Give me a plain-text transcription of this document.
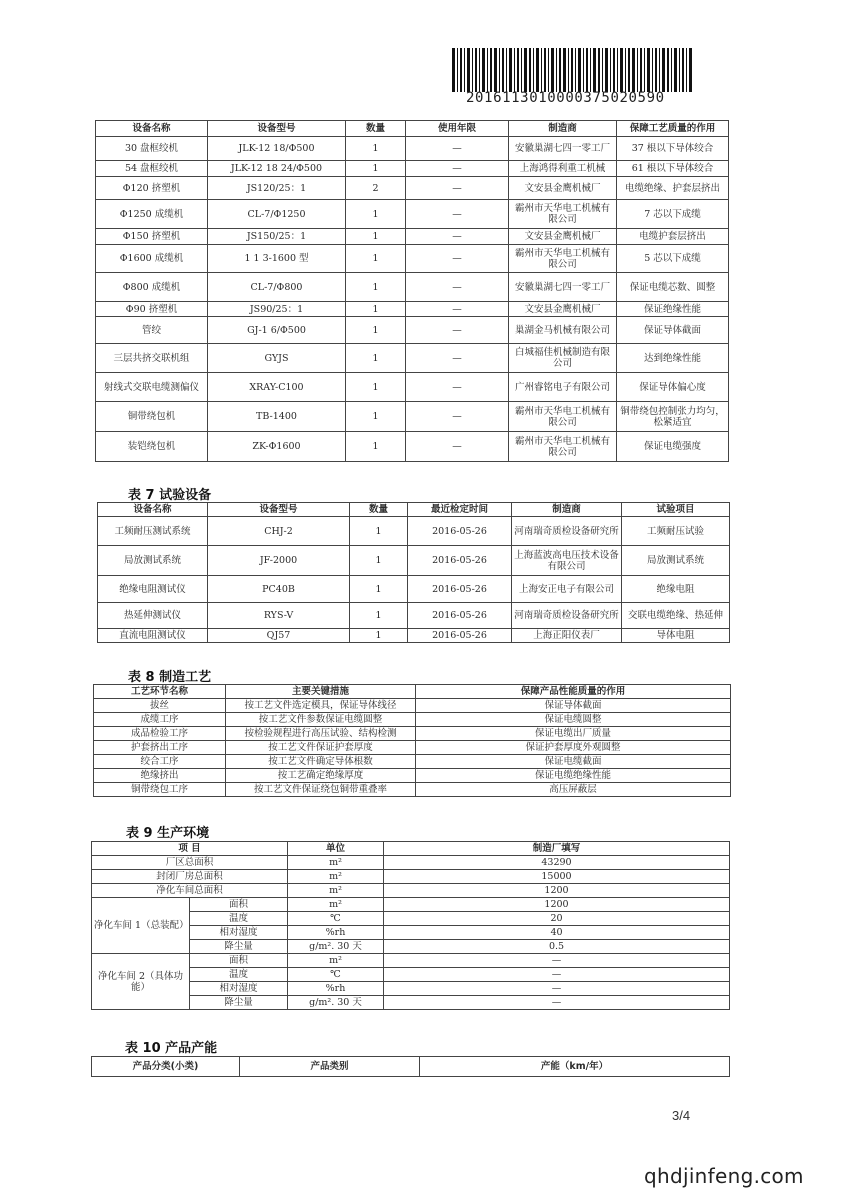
20161130100003750205​90
设备名称	设备型号	数量	使用年限	制造商	保障工艺质量的作用
30 盘框绞机	JLK-12 18/Φ500	1	—	安徽巢湖七四一零工厂	37 根以下导体绞合
54 盘框绞机	JLK-12 18 24/Φ500	1	—	上海鸿得利重工机械	61 根以下导体绞合
Φ120 挤塑机	JS120/25：1	2	—	文安县金鹰机械厂	电缆绝缘、护套层挤出
Φ1250 成缆机	CL-7/Φ1250	1	—	霸州市天华电工机械有限公司	7 芯以下成缆
Φ150 挤塑机	JS150/25：1	1	—	文安县金鹰机械厂	电缆护套层挤出
Φ1600 成缆机	1 1 3-1600 型	1	—	霸州市天华电工机械有限公司	5 芯以下成缆
Φ800 成缆机	CL-7/Φ800	1	—	安徽巢湖七四一零工厂	保证电缆芯数、圆整
Φ90 挤塑机	JS90/25：1	1	—	文安县金鹰机械厂	保证绝缘性能
管绞	GJ-1 6/Φ500	1	—	巢湖金马机械有限公司	保证导体截面
三层共挤交联机组	GYJS	1	—	白城福佳机械制造有限公司	达到绝缘性能
射线式交联电缆测偏仪	XRAY-C100	1	—	广州睿铭电子有限公司	保证导体偏心度
铜带绕包机	TB-1400	1	—	霸州市天华电工机械有限公司	铜带绕包控制张力均匀，松紧适宜
装铠绕包机	ZK-Φ1600	1	—	霸州市天华电工机械有限公司	保证电缆强度
表 7 试验设备
设备名称	设备型号	数量	最近检定时间	制造商	试验项目
工频耐压测试系统	CHJ-2	1	2016-05-26	河南瑞奇质检设备研究所	工频耐压试验
局放测试系统	JF-2000	1	2016-05-26	上海蓝波高电压技术设备有限公司	局放测试系统
绝缘电阻测试仪	PC40B	1	2016-05-26	上海安正电子有限公司	绝缘电阻
热延伸测试仪	RYS-V	1	2016-05-26	河南瑞奇质检设备研究所	交联电缆绝缘、热延伸
直流电阻测试仪	QJ57	1	2016-05-26	上海正阳仪表厂	导体电阻
表 8 制造工艺
工艺环节名称	主要关键措施	保障产品性能质量的作用
拔丝	按工艺文件选定模具，保证导体线径	保证导体截面
成缆工序	按工艺文件参数保证电缆圆整	保证电缆圆整
成品检验工序	按检验规程进行高压试验、结构检测	保证电缆出厂质量
护套挤出工序	按工艺文件保证护套厚度	保证护套厚度外观圆整
绞合工序	按工艺文件确定导体根数	保证电缆截面
绝缘挤出	按工艺确定绝缘厚度	保证电缆绝缘性能
铜带绕包工序	按工艺文件保证绕包铜带重叠率	高压屏蔽层
表 9 生产环境
项 目		单位	制造厂填写
厂区总面积		m²	43290
封闭厂房总面积		m²	15000
净化车间总面积		m²	1200
净化车间 1（总装配）	面积	m²	1200
	温度	℃	20
	相对湿度	%rh	40
	降尘量	g/m². 30 天	0.5
净化车间 2（具体功能）	面积	m²	—
	温度	℃	—
	相对湿度	%rh	—
	降尘量	g/m². 30 天	—
表 10 产品产能
产品分类(小类)	产品类别	产能（km/年）
3/4
qhdjinfeng.com
